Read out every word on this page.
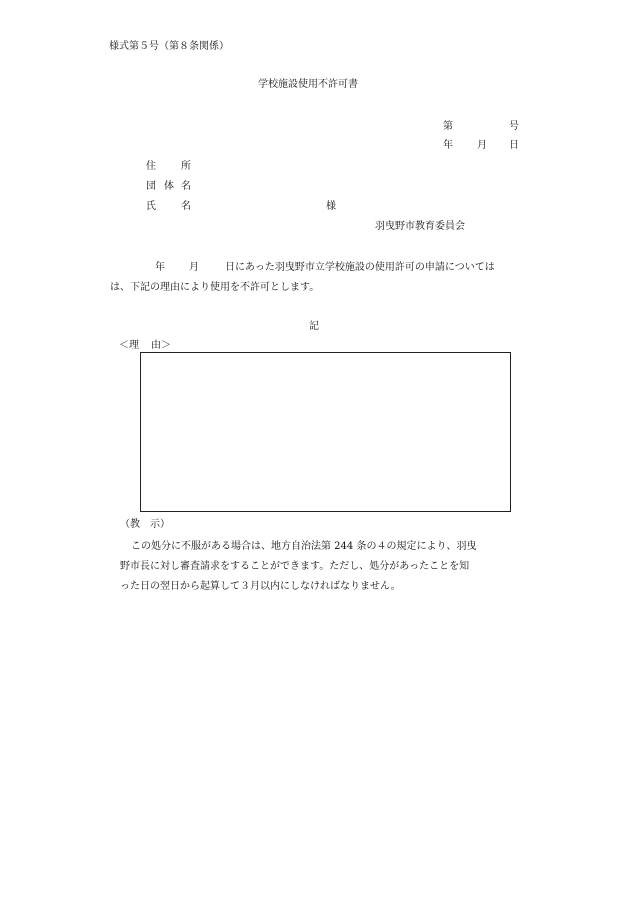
様式第５号（第８条関係）
学校施設使用不許可書
第	号
年 月 日
住	所
団 体 名
氏	名	様
羽曳野市教育委員会
年 月	日にあった羽曳野市立学校施設の使用許可の申請については
は、下記の理由により使用を不許可とします。
記
＜理 由＞
（教 示）
この処分に不服がある場合は、地方自治法第 244 条の４の規定により、羽曳
野市長に対し審査請求をすることができます。ただし、処分があったことを知
った日の翌日から起算して３月以内にしなければなりません。
